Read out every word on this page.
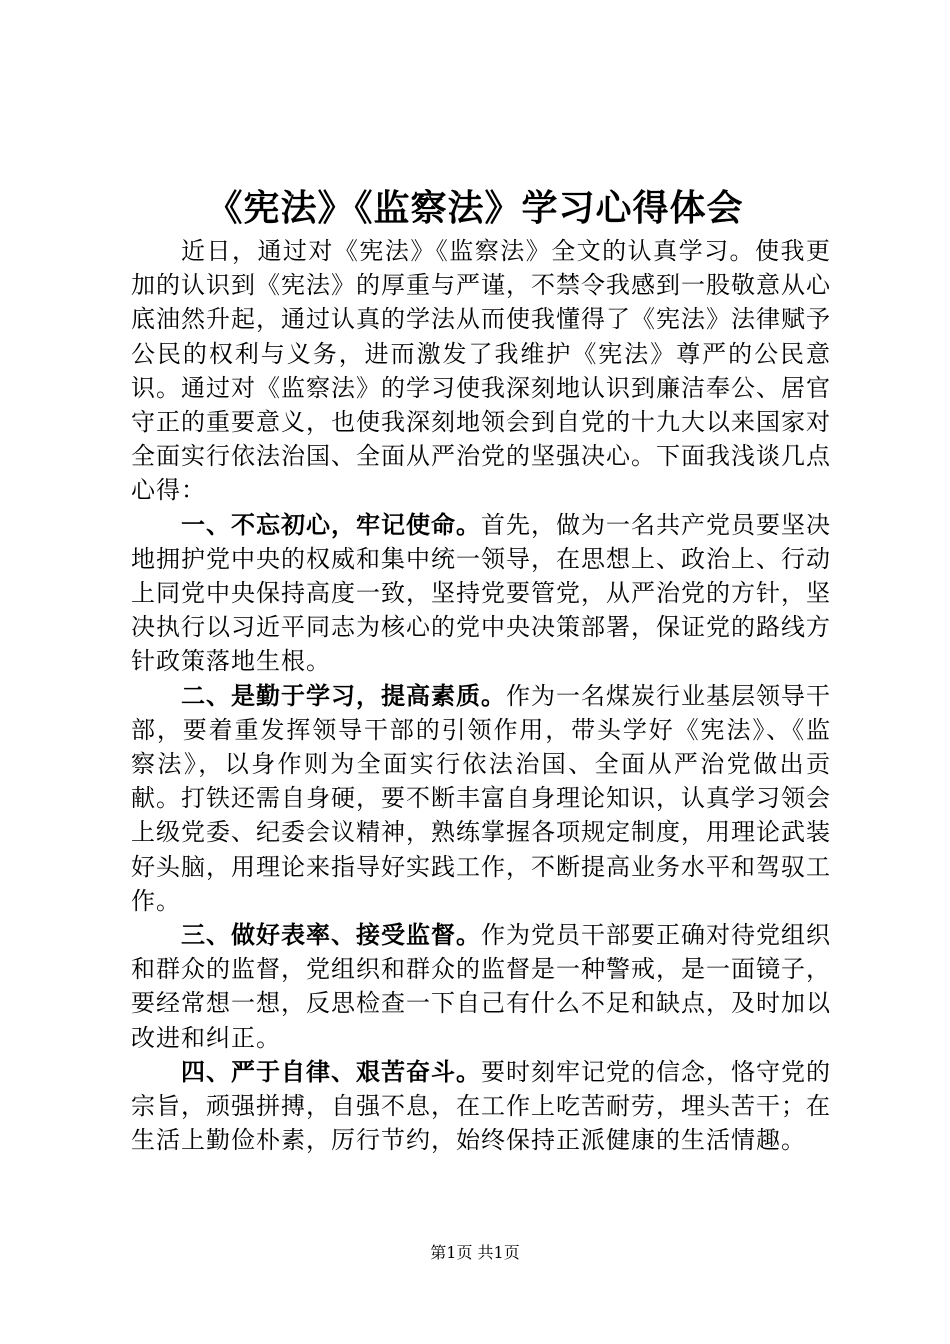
《宪法》《监察法》学习心得体会

近日，通过对《宪法》《监察法》全文的认真学习。使我更加的认识到《宪法》的厚重与严谨，不禁令我感到一股敬意从心底油然升起，通过认真的学法从而使我懂得了《宪法》法律赋予公民的权利与义务，进而激发了我维护《宪法》尊严的公民意识。通过对《监察法》的学习使我深刻地认识到廉洁奉公、居官守正的重要意义，也使我深刻地领会到自党的十九大以来国家对全面实行依法治国、全面从严治党的坚强决心。下面我浅谈几点心得：

一、不忘初心，牢记使命。首先，做为一名共产党员要坚决地拥护党中央的权威和集中统一领导，在思想上、政治上、行动上同党中央保持高度一致，坚持党要管党，从严治党的方针，坚决执行以习近平同志为核心的党中央决策部署，保证党的路线方针政策落地生根。

二、是勤于学习，提高素质。作为一名煤炭行业基层领导干部，要着重发挥领导干部的引领作用，带头学好《宪法》、《监察法》，以身作则为全面实行依法治国、全面从严治党做出贡献。打铁还需自身硬，要不断丰富自身理论知识，认真学习领会上级党委、纪委会议精神，熟练掌握各项规定制度，用理论武装好头脑，用理论来指导好实践工作，不断提高业务水平和驾驭工作。

三、做好表率、接受监督。作为党员干部要正确对待党组织和群众的监督，党组织和群众的监督是一种警戒，是一面镜子，要经常想一想，反思检查一下自己有什么不足和缺点，及时加以改进和纠正。

四、严于自律、艰苦奋斗。要时刻牢记党的信念，恪守党的宗旨，顽强拼搏，自强不息，在工作上吃苦耐劳，埋头苦干；在生活上勤俭朴素，厉行节约，始终保持正派健康的生活情趣。

第1页 共1页
